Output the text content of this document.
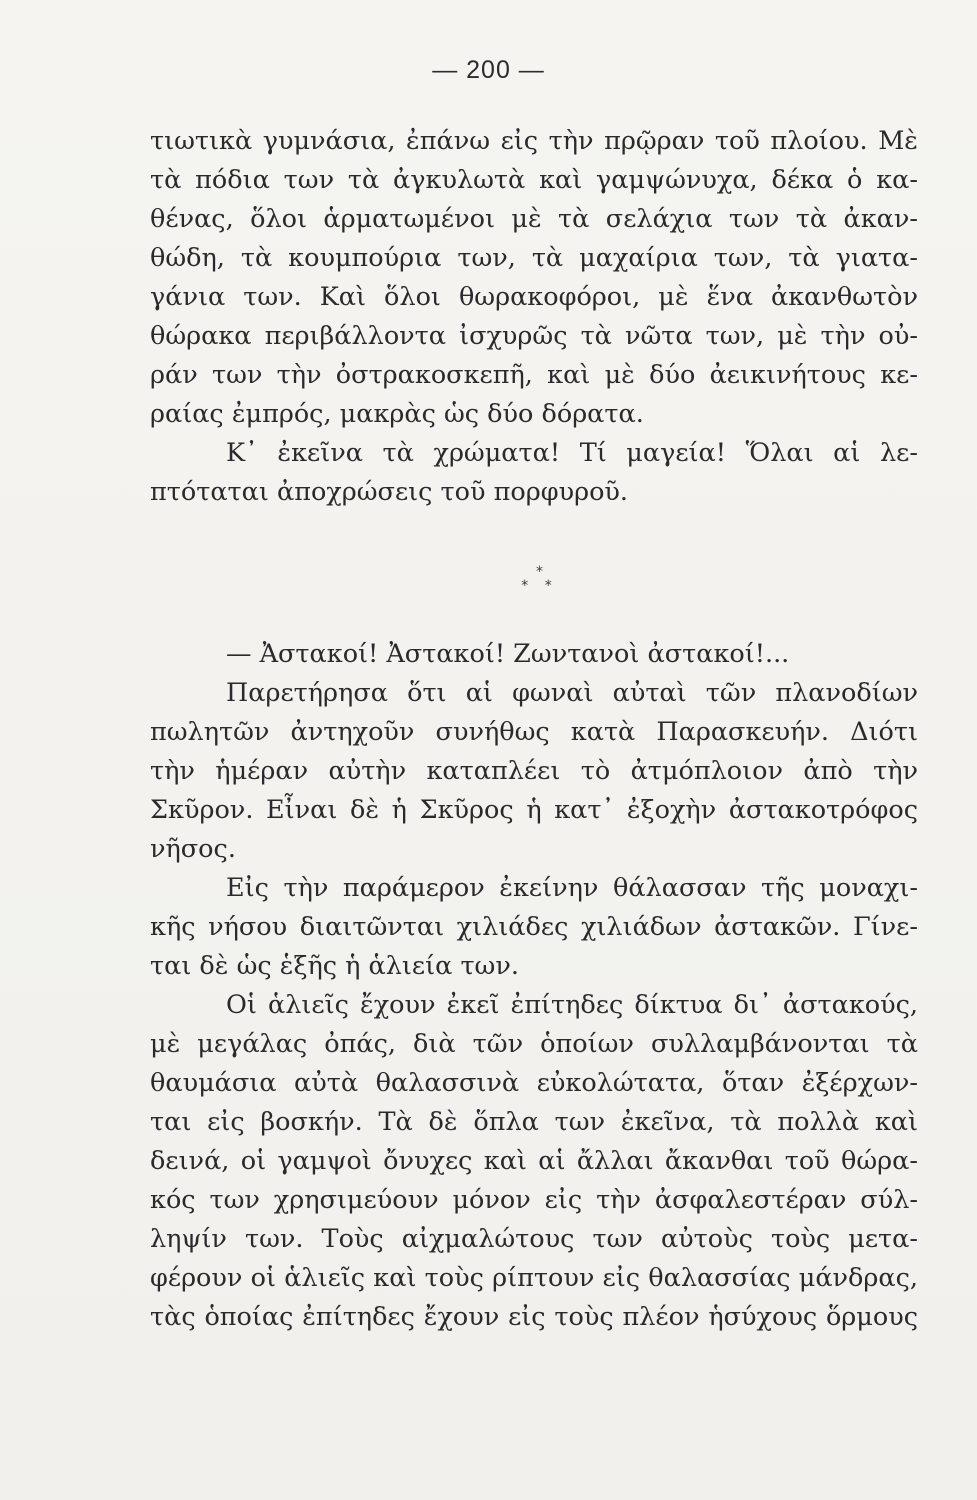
— 200 —
τιωτικὰ γυμνάσια, ἐπάνω εἰς τὴν πρῷραν τοῦ πλοίου. Μὲ
τὰ πόδια των τὰ ἀγκυλωτὰ καὶ γαμψώνυχα, δέκα ὁ κα-
θένας, ὅλοι ἁρματωμένοι μὲ τὰ σελάχια των τὰ ἀκαν-
θώδη, τὰ κουμπούρια των, τὰ μαχαίρια των, τὰ γιατα-
γάνια των. Καὶ ὅλοι θωρακοφόροι, μὲ ἕνα ἀκανθωτὸν
θώρακα περιβάλλοντα ἰσχυρῶς τὰ νῶτα των, μὲ τὴν οὐ-
ράν των τὴν ὀστρακοσκεπῆ, καὶ μὲ δύο ἀεικινήτους κε-
ραίας ἐμπρός, μακρὰς ὡς δύο δόρατα.
Κ᾽ ἐκεῖνα τὰ χρώματα! Τί μαγεία! Ὅλαι αἱ λε-
πτόταται ἀποχρώσεις τοῦ πορφυροῦ.
*
* *
— Ἀστακοί! Ἀστακοί! Ζωντανοὶ ἀστακοί!...
Παρετήρησα ὅτι αἱ φωναὶ αὐταὶ τῶν πλανοδίων
πωλητῶν ἀντηχοῦν συνήθως κατὰ Παρασκευήν. Διότι
τὴν ἡμέραν αὐτὴν καταπλέει τὸ ἀτμόπλοιον ἀπὸ τὴν
Σκῦρον. Εἶναι δὲ ἡ Σκῦρος ἡ κατ᾽ ἐξοχὴν ἀστακοτρόφος
νῆσος.
Εἰς τὴν παράμερον ἐκείνην θάλασσαν τῆς μοναχι-
κῆς νήσου διαιτῶνται χιλιάδες χιλιάδων ἀστακῶν. Γίνε-
ται δὲ ὡς ἑξῆς ἡ ἁλιεία των.
Οἱ ἁλιεῖς ἔχουν ἐκεῖ ἐπίτηδες δίκτυα δι᾽ ἀστακούς,
μὲ μεγάλας ὀπάς, διὰ τῶν ὁποίων συλλαμβάνονται τὰ
θαυμάσια αὐτὰ θαλασσινὰ εὐκολώτατα, ὅταν ἐξέρχων-
ται εἰς βοσκήν. Τὰ δὲ ὅπλα των ἐκεῖνα, τὰ πολλὰ καὶ
δεινά, οἱ γαμψοὶ ὄνυχες καὶ αἱ ἄλλαι ἄκανθαι τοῦ θώρα-
κός των χρησιμεύουν μόνον εἰς τὴν ἀσφαλεστέραν σύλ-
ληψίν των. Τοὺς αἰχμαλώτους των αὐτοὺς τοὺς μετα-
φέρουν οἱ ἁλιεῖς καὶ τοὺς ρίπτουν εἰς θαλασσίας μάνδρας,
τὰς ὁποίας ἐπίτηδες ἔχουν εἰς τοὺς πλέον ἡσύχους ὅρμους
